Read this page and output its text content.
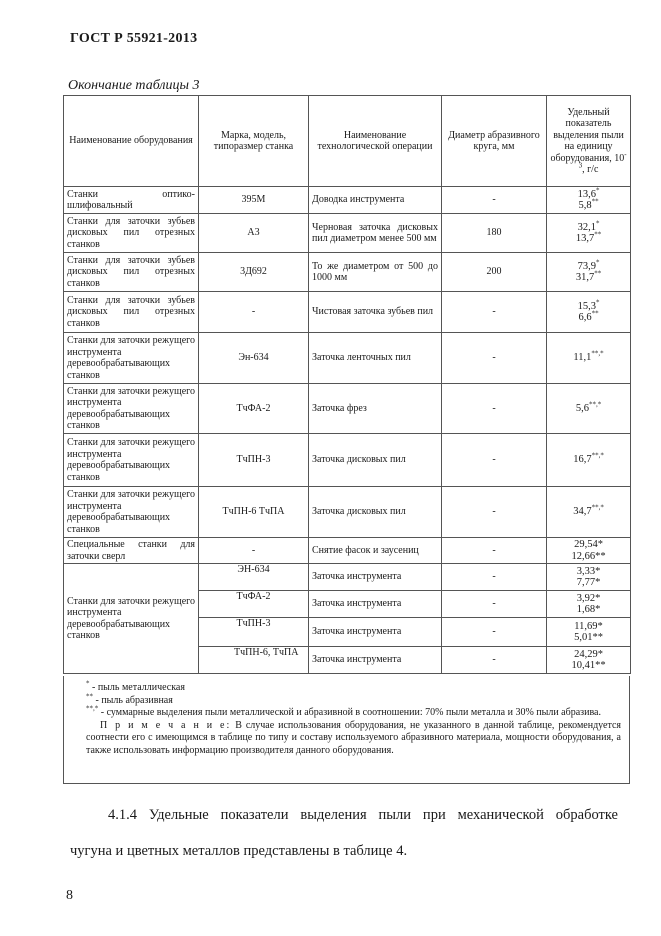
ГОСТ Р 55921-2013
Окончание таблицы 3
Наименование оборудования	Марка, модель, типоразмер станка	Наименование технологической операции	Диаметр абразивного круга, мм	Удельный показатель выделения пыли на единицу оборудования, $10^{-3}$, г/с
Станки оптико-шлифовальный	395М	Доводка инструмента	-	13,6*
5,8**
Станки для заточки зубьев дисковых пил отрезных станков	А3	Черновая заточка дисковых пил диаметром менее 500 мм	180	32,1*
13,7**
Станки для заточки зубьев дисковых пил отрезных станков	3Д692	То же диаметром от 500 до 1000 мм	200	73,9*
31,7**
Станки для заточки зубьев дисковых пил отрезных станков	-	Чистовая заточка зубьев пил	-	15,3*
6,6**
Станки для заточки режущего инструмента деревообрабатывающих станков	Эн-634	Заточка ленточных пил	-	11,1**,*
Станки для заточки режущего инструмента деревообрабатывающих станков	ТчФА-2	Заточка фрез	-	5,6**,*
Станки для заточки режущего инструмента деревообрабатывающих станков	ТчПН-3	Заточка дисковых пил	-	16,7**,*
Станки для заточки режущего инструмента деревообрабатывающих станков	ТчПН-6 ТчПА	Заточка дисковых пил	-	34,7**,*
Специальные станки для заточки сверл	-	Снятие фасок и заусениц	-	29,54*
12,66**
Станки для заточки режущего инструмента деревообрабатывающих станков	ЭН-634	Заточка инструмента	-	3,33*
7,77*
	ТчФА-2	Заточка инструмента	-	3,92*
1,68*
	ТчПН-3	Заточка инструмента	-	11,69*
5,01**
	ТчПН-6, ТчПА	Заточка инструмента	-	24,29*
10,41**

* - пыль металлическая

** - пыль абразивная

**,* - суммарные выделения пыли металлической и абразивной в соотношении: 70% пыли металла и 30% пыли абразива.

П р и м е ч а н и е: В случае использования оборудования, не указанного в данной таблице, рекомендуется соотнести его с имеющимся в таблице по типу и составу используемого абразивного материала, мощности оборудования, а также использовать информацию производителя данного оборудования.

4.1.4 Удельные показатели выделения пыли при механической обработке
чугуна и цветных металлов представлены в таблице 4.
8
